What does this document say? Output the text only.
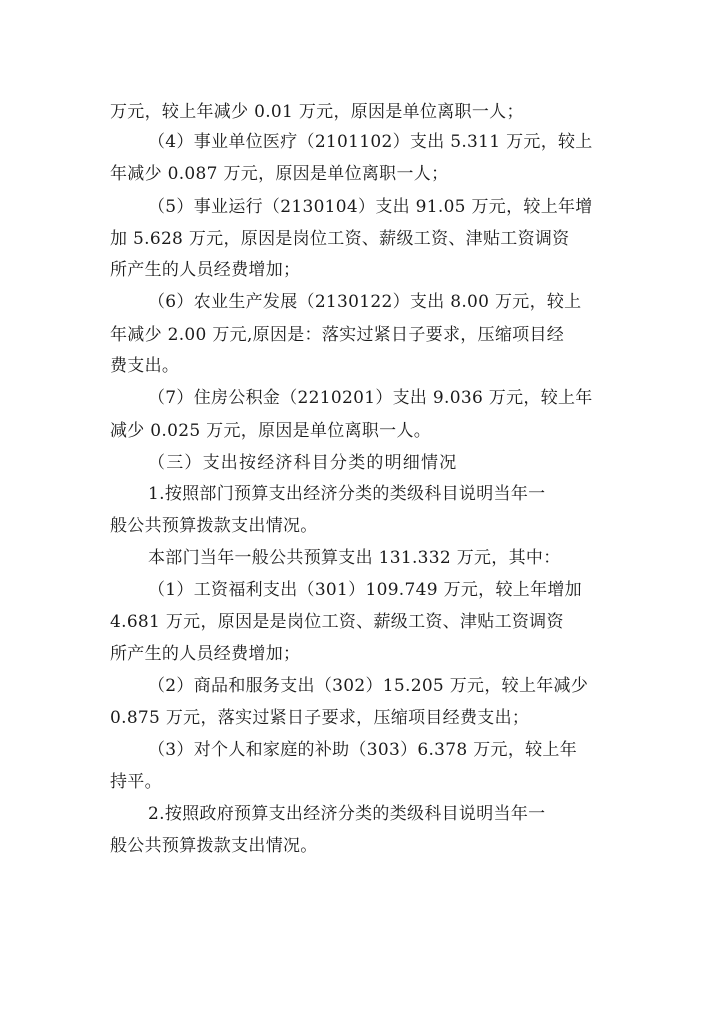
万元，较上年减少 0.01 万元，原因是单位离职一人；
（4）事业单位医疗（2101102）支出 5.311 万元，较上
年减少 0.087 万元，原因是单位离职一人；
（5）事业运行（2130104）支出 91.05 万元，较上年增
加 5.628 万元，原因是岗位工资、薪级工资、津贴工资调资
所产生的人员经费增加；
（6）农业生产发展（2130122）支出 8.00 万元，较上
年减少 2.00 万元,原因是：落实过紧日子要求，压缩项目经
费支出。
（7）住房公积金（2210201）支出 9.036 万元，较上年
减少 0.025 万元，原因是单位离职一人。
（三）支出按经济科目分类的明细情况
1.按照部门预算支出经济分类的类级科目说明当年一
般公共预算拨款支出情况。
本部门当年一般公共预算支出 131.332 万元，其中：
（1）工资福利支出（301）109.749 万元，较上年增加
4.681 万元，原因是是岗位工资、薪级工资、津贴工资调资
所产生的人员经费增加；
（2）商品和服务支出（302）15.205 万元，较上年减少
0.875 万元，落实过紧日子要求，压缩项目经费支出；
（3）对个人和家庭的补助（303）6.378 万元，较上年
持平。
2.按照政府预算支出经济分类的类级科目说明当年一
般公共预算拨款支出情况。
